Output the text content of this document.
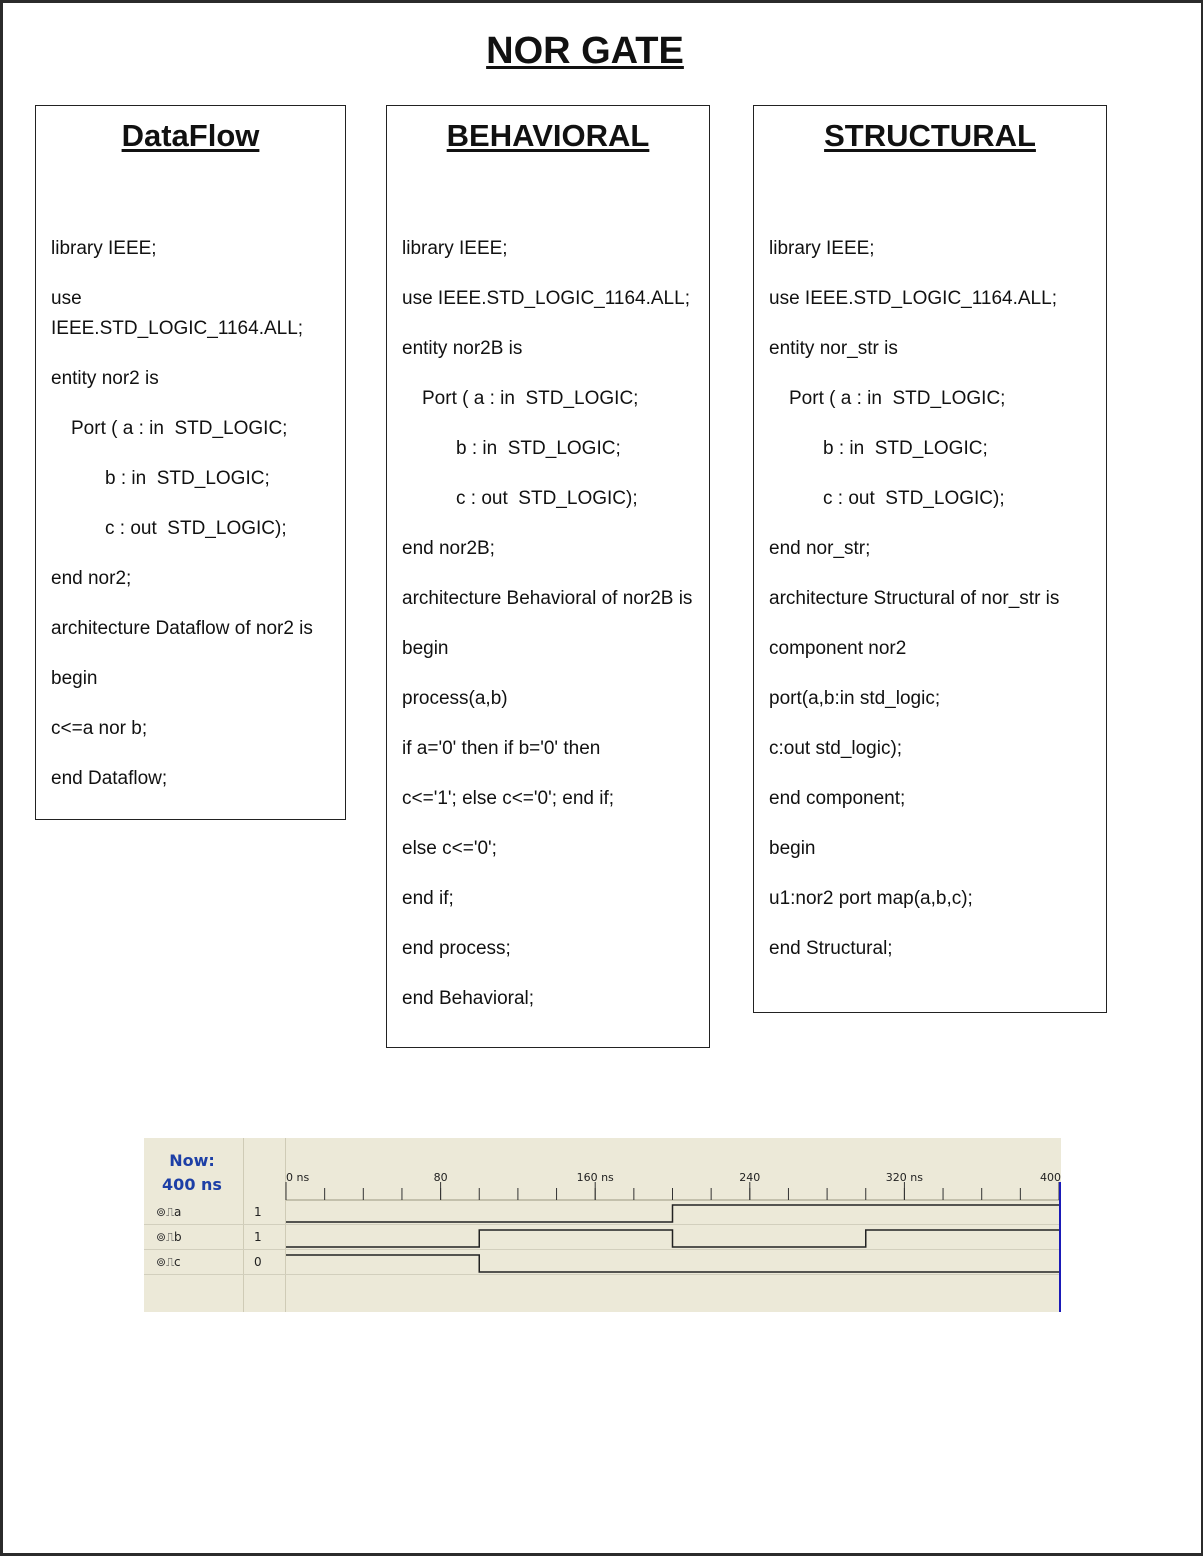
NOR GATE
DataFlow
library IEEE;
use IEEE.STD_LOGIC_1164.ALL;
entity nor2 is
Port ( a : in  STD_LOGIC;
b : in  STD_LOGIC;
c : out  STD_LOGIC);
end nor2;
architecture Dataflow of nor2 is
begin
c<=a nor b;
end Dataflow;
BEHAVIORAL
library IEEE;
use IEEE.STD_LOGIC_1164.ALL;
entity nor2B is
Port ( a : in  STD_LOGIC;
b : in  STD_LOGIC;
c : out  STD_LOGIC);
end nor2B;
architecture Behavioral of nor2B is
begin
process(a,b)
if a='0' then if b='0' then
c<='1'; else c<='0'; end if;
else c<='0';
end if;
end process;
end Behavioral;
STRUCTURAL
library IEEE;
use IEEE.STD_LOGIC_1164.ALL;
entity nor_str is
Port ( a : in  STD_LOGIC;
b : in  STD_LOGIC;
c : out  STD_LOGIC);
end nor_str;
architecture Structural of nor_str is
component nor2
port(a,b:in std_logic;
c:out std_logic);
end component;
begin
u1:nor2 port map(a,b,c);
end Structural;
Now:
400 ns
⊚⎍ a	1
⊚⎍ b	1
⊚⎍ c	0
0 ns	80	160 ns	240	320 ns	400
